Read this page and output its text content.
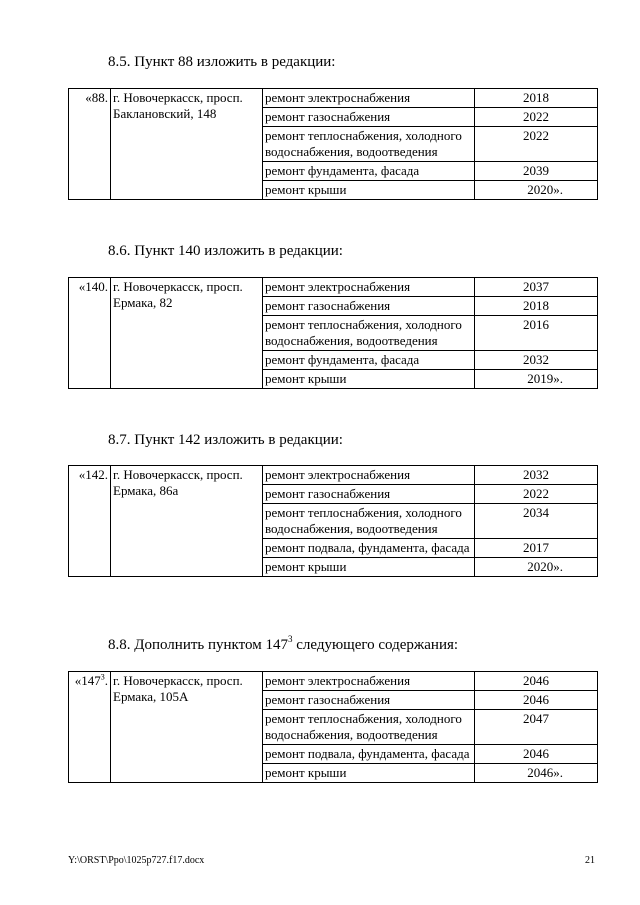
8.5. Пункт 88 изложить в редакции:
«88.	г. Новочеркасск, просп. Баклановский, 148	ремонт электроснабжения	2018
		ремонт газоснабжения	2022
		ремонт теплоснабжения, холодного водоснабжения, водоотведения	2022
		ремонт фундамента, фасада	2039
		ремонт крыши	2020».
8.6. Пункт 140 изложить в редакции:
«140.	г. Новочеркасск, просп. Ермака, 82	ремонт электроснабжения	2037
		ремонт газоснабжения	2018
		ремонт теплоснабжения, холодного водоснабжения, водоотведения	2016
		ремонт фундамента, фасада	2032
		ремонт крыши	2019».
8.7. Пункт 142 изложить в редакции:
«142.	г. Новочеркасск, просп. Ермака, 86а	ремонт электроснабжения	2032
		ремонт газоснабжения	2022
		ремонт теплоснабжения, холодного водоснабжения, водоотведения	2034
		ремонт подвала, фундамента, фасада	2017
		ремонт крыши	2020».
8.8. Дополнить пунктом $147^3$ следующего содержания:
«$147^3$.	г. Новочеркасск, просп. Ермака, 105А	ремонт электроснабжения	2046
		ремонт газоснабжения	2046
		ремонт теплоснабжения, холодного водоснабжения, водоотведения	2047
		ремонт подвала, фундамента, фасада	2046
		ремонт крыши	2046».
Y:\ORST\Ppo\1025p727.f17.docx	21
